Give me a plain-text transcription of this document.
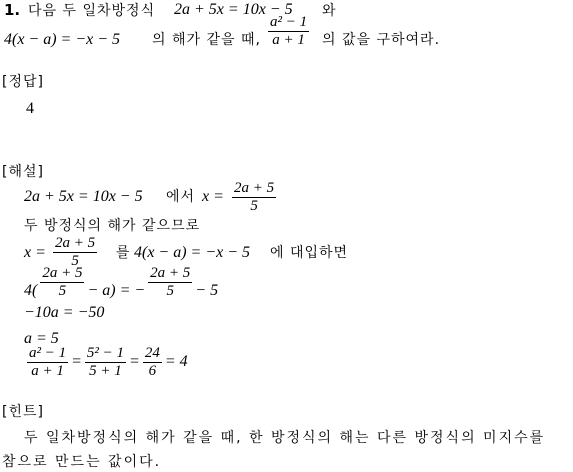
1. 다음 두 일차방정식 2a + 5x = 10x − 5 와
4(x − a) = −x − 5 의 해가 같을 때, $\frac{\text{a² − 1}}{a + 1}$ 의 값을 구하여라.
[정답]
4
[해설]
2a + 5x = 10x − 5 에서 $x = \frac{2a + 5}{5}$
두 방정식의 해가 같으므로
$x = \frac{2a + 5}{5}$ 를 4(x − a) = −x − 5 에 대입하면
$4( \frac{2a + 5}{5} - a)$ = − $\frac{2a + 5}{5} - 5$
−10a = −50
a = 5
$\frac{\text{a² − 1}}{a + 1} = \frac{\text{5² − 1}}{5 + 1} = \frac{24}{6} = 4$
[힌트]
두 일차방정식의 해가 같을 때, 한 방정식의 해는 다른 방정식의 미지수를
참으로 만드는 값이다.
